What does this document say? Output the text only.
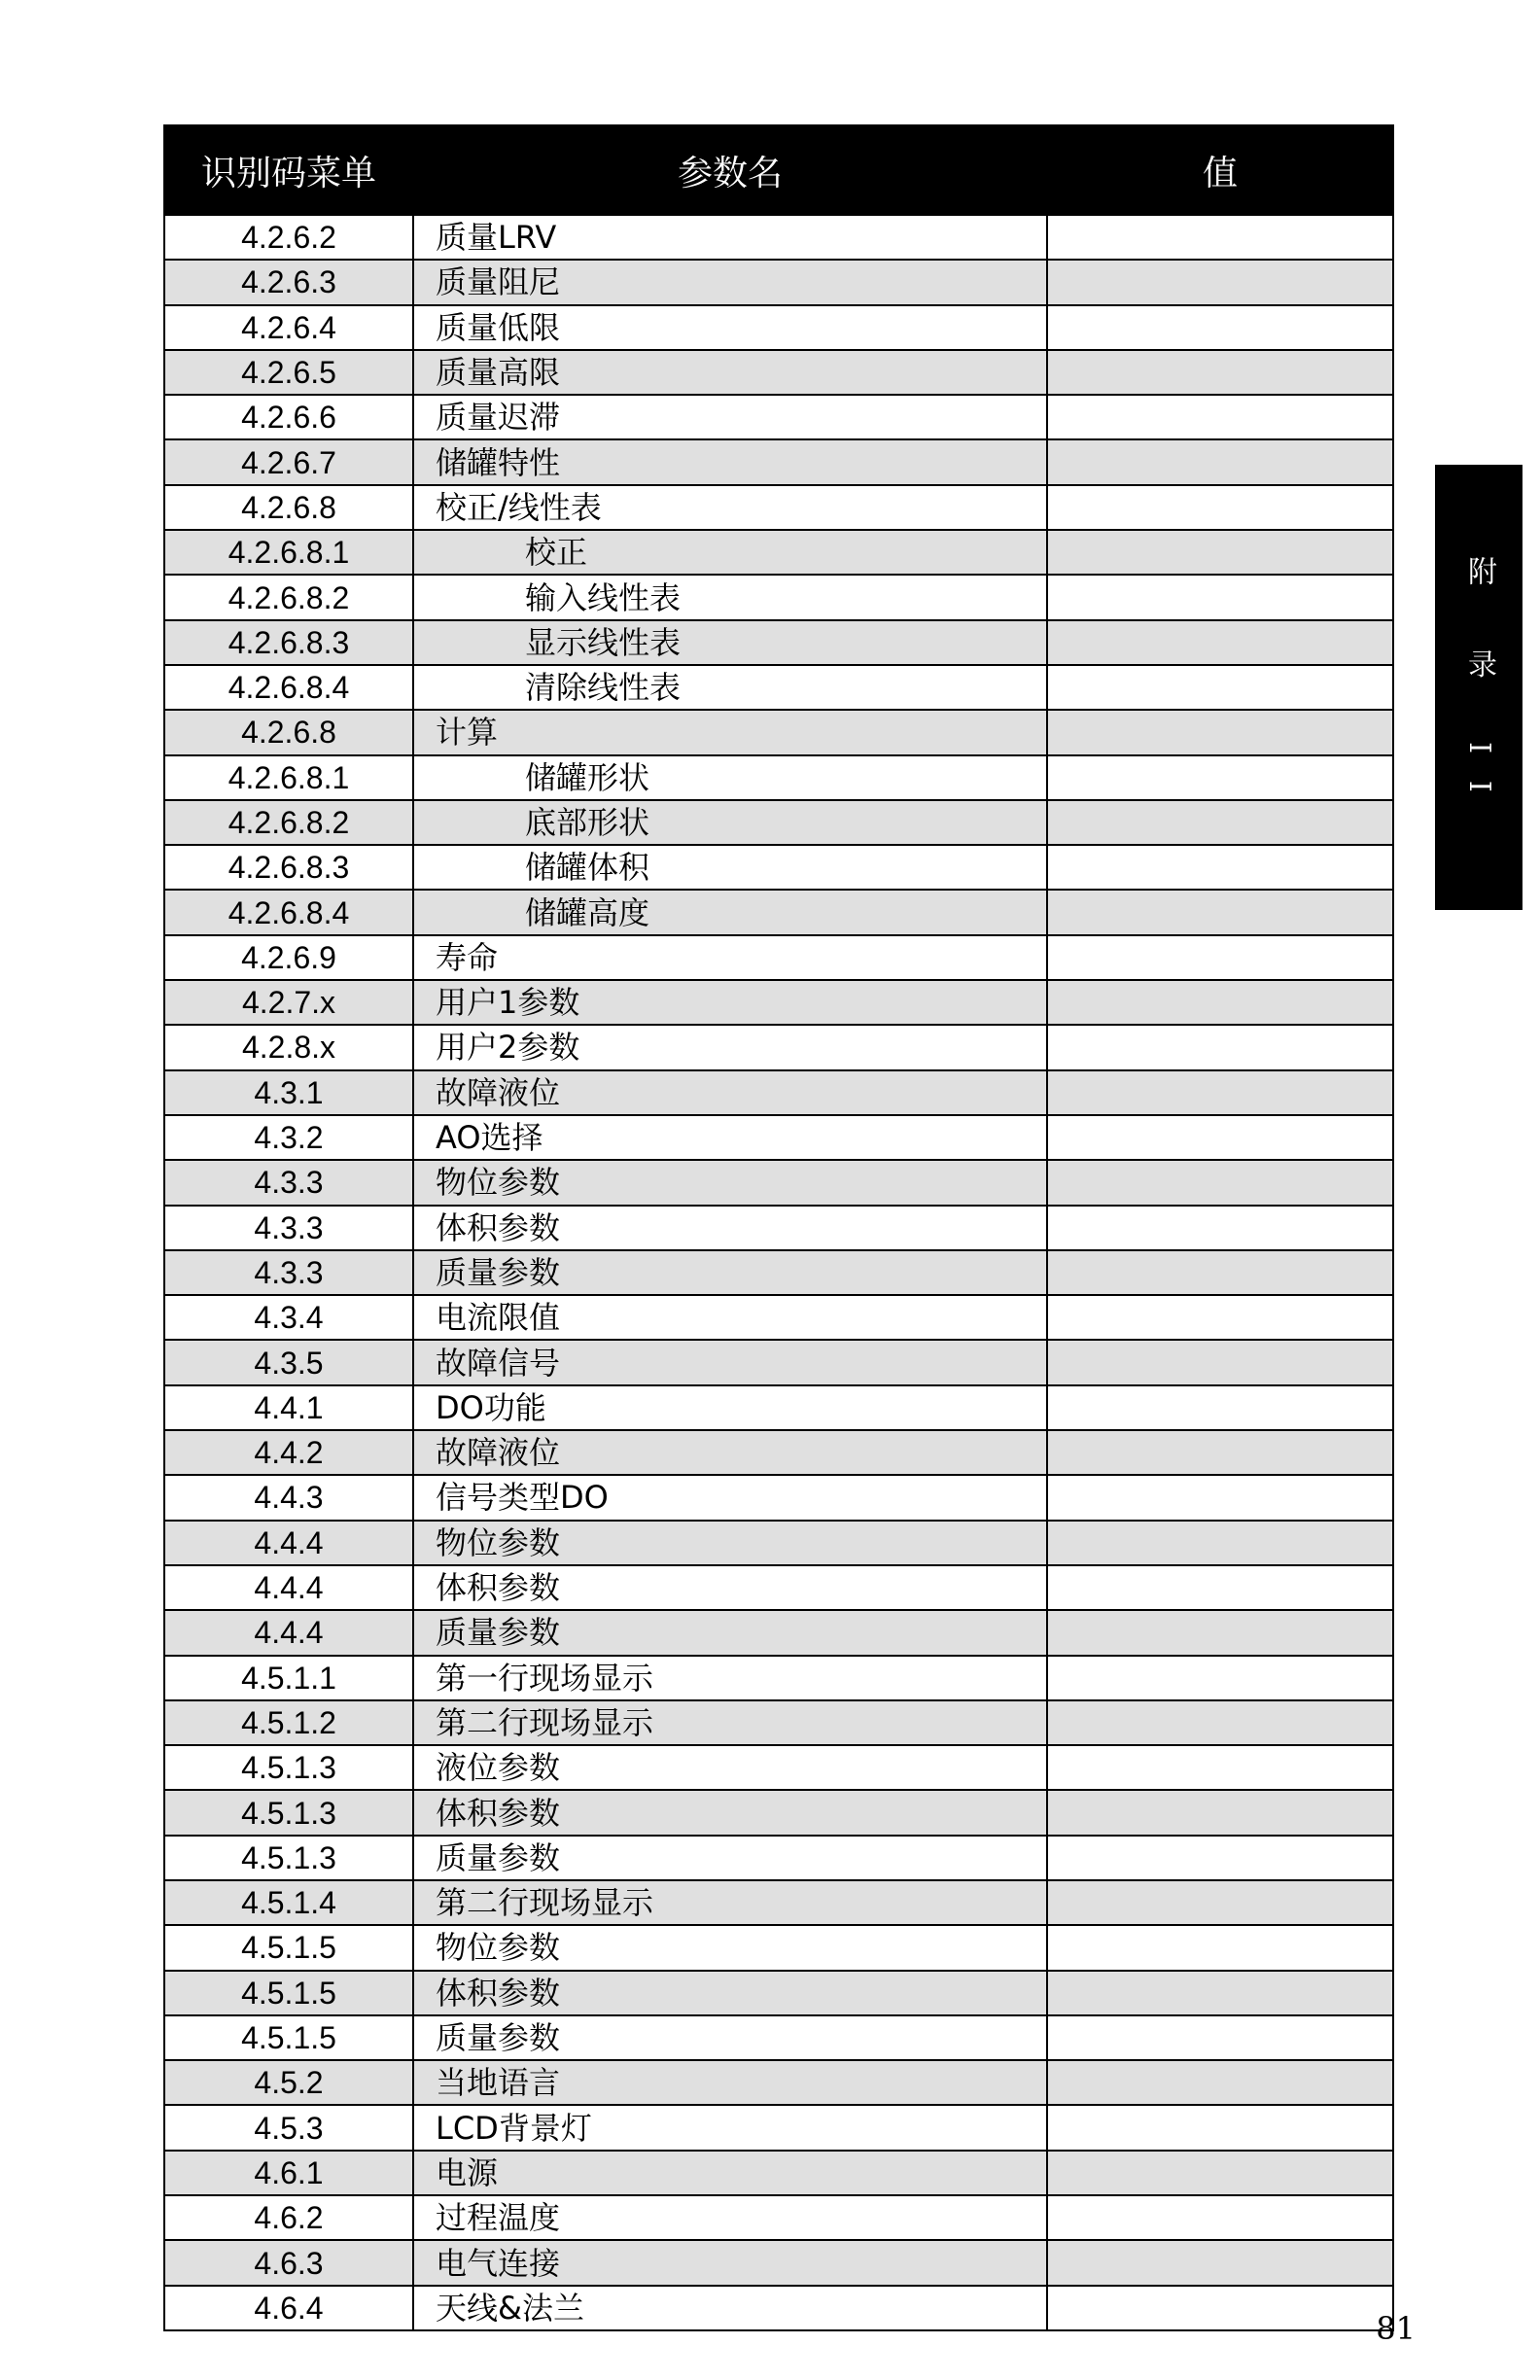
识别码菜单	参数名	值
4.2.6.2	质量LRV	
4.2.6.3	质量阻尼	
4.2.6.4	质量低限	
4.2.6.5	质量高限	
4.2.6.6	质量迟滞	
4.2.6.7	储罐特性	
4.2.6.8	校正/线性表	
4.2.6.8.1	校正	
4.2.6.8.2	输入线性表	
4.2.6.8.3	显示线性表	
4.2.6.8.4	清除线性表	
4.2.6.8	计算	
4.2.6.8.1	储罐形状	
4.2.6.8.2	底部形状	
4.2.6.8.3	储罐体积	
4.2.6.8.4	储罐高度	
4.2.6.9	寿命	
4.2.7.x	用户1参数	
4.2.8.x	用户2参数	
4.3.1	故障液位	
4.3.2	AO选择	
4.3.3	物位参数	
4.3.3	体积参数	
4.3.3	质量参数	
4.3.4	电流限值	
4.3.5	故障信号	
4.4.1	DO功能	
4.4.2	故障液位	
4.4.3	信号类型DO	
4.4.4	物位参数	
4.4.4	体积参数	
4.4.4	质量参数	
4.5.1.1	第一行现场显示	
4.5.1.2	第二行现场显示	
4.5.1.3	液位参数	
4.5.1.3	体积参数	
4.5.1.3	质量参数	
4.5.1.4	第二行现场显示	
4.5.1.5	物位参数	
4.5.1.5	体积参数	
4.5.1.5	质量参数	
4.5.2	当地语言	
4.5.3	LCD背景灯	
4.6.1	电源	
4.6.2	过程温度	
4.6.3	电气连接	
4.6.4	天线&法兰	
附 录 II
81
